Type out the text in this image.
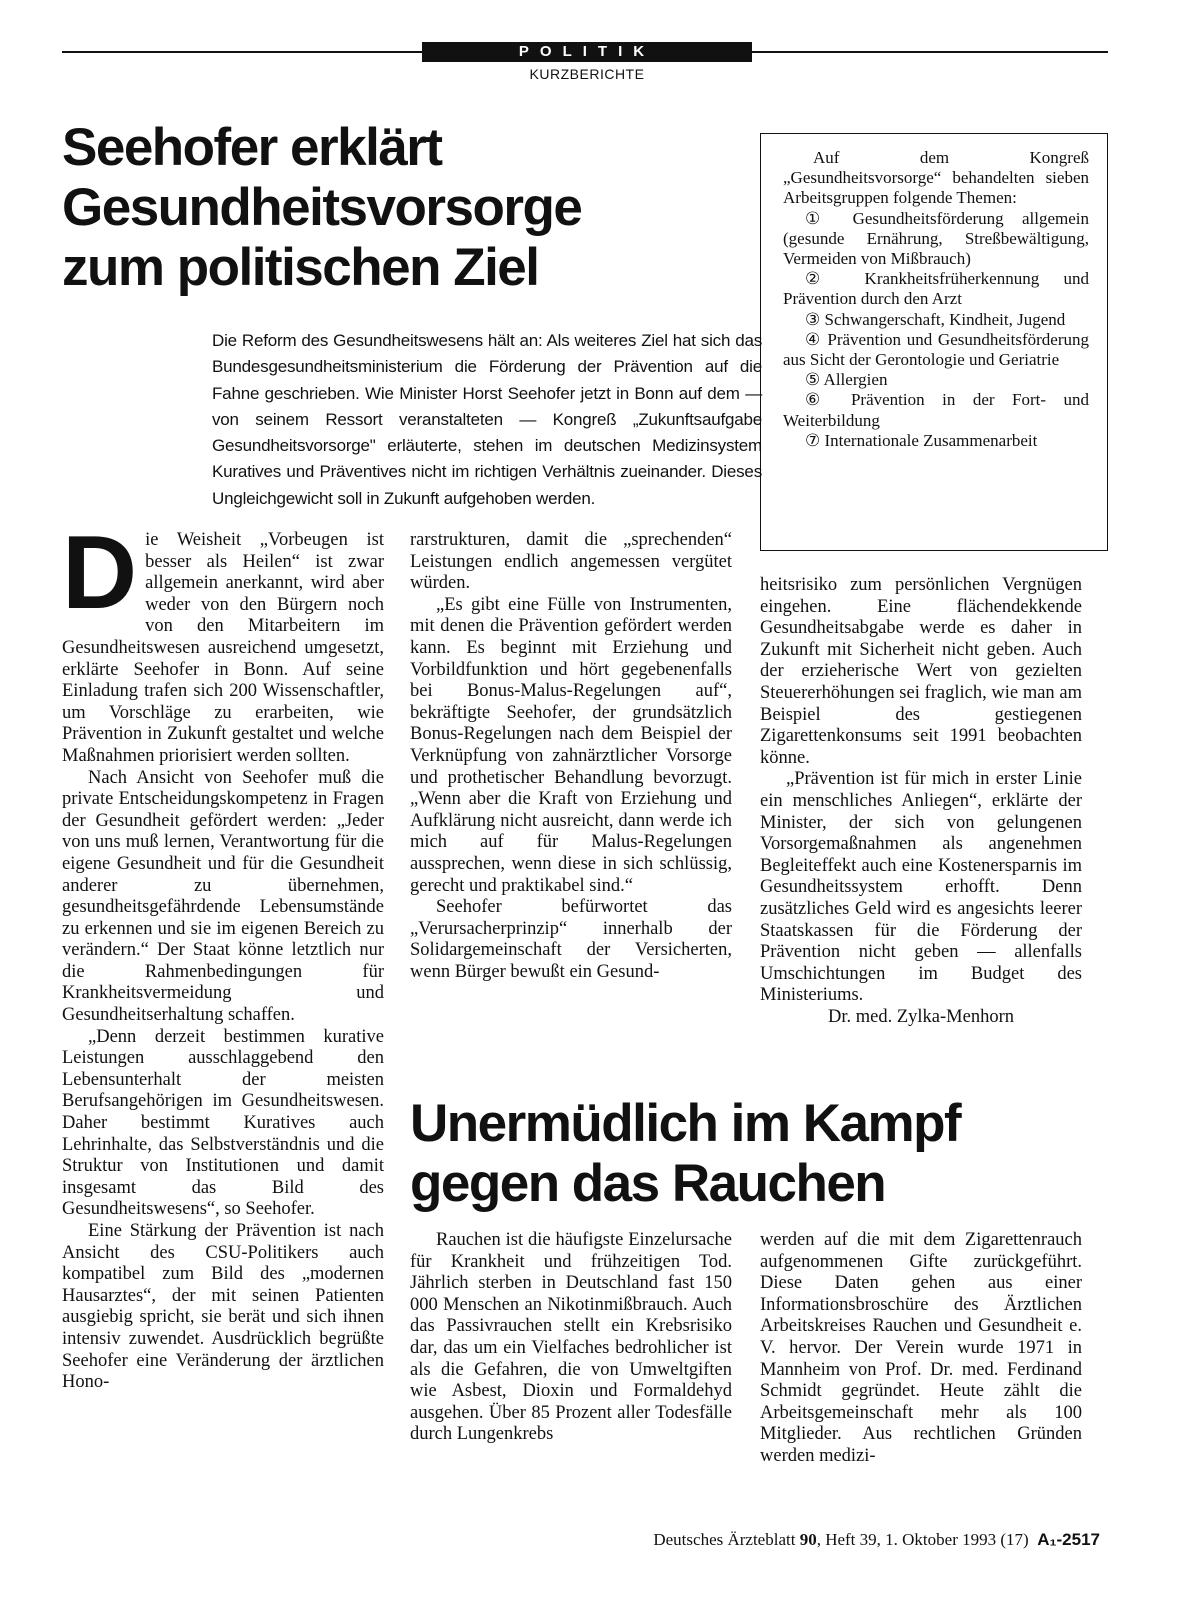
POLITIK
KURZBERICHTE
Seehofer erklärt
Gesundheitsvorsorge
zum politischen Ziel

Die Reform des Gesundheitswesens hält an: Als weiteres Ziel hat sich das Bundesgesundheitsministerium die Förderung der Prävention auf die Fahne geschrieben. Wie Minister Horst Seehofer jetzt in Bonn auf dem — von seinem Ressort veranstalteten — Kongreß „Zukunftsaufgabe Gesundheitsvorsorge" erläuterte, stehen im deutschen Medizinsystem Kuratives und Präventives nicht im richtigen Verhältnis zueinander. Dieses Ungleichgewicht soll in Zukunft aufgehoben werden.

Auf dem Kongreß „Gesundheitsvorsorge“ behandelten sieben Arbeitsgruppen folgende Themen:

① Gesundheitsförderung allgemein (gesunde Ernährung, Streßbewältigung, Vermeiden von Mißbrauch)

② Krankheitsfrüherkennung und Prävention durch den Arzt

③ Schwangerschaft, Kindheit, Jugend

④ Prävention und Gesundheitsförderung aus Sicht der Gerontologie und Geriatrie

⑤ Allergien

⑥ Prävention in der Fort- und Weiterbildung

⑦ Internationale Zusammenarbeit

Die Weisheit „Vorbeugen ist besser als Heilen“ ist zwar allgemein anerkannt, wird aber weder von den Bürgern noch von den Mitarbeitern im Gesundheitswesen ausreichend umgesetzt, erklärte Seehofer in Bonn. Auf seine Einladung trafen sich 200 Wissenschaftler, um Vorschläge zu erarbeiten, wie Prävention in Zukunft gestaltet und welche Maßnahmen priorisiert werden sollten.

Nach Ansicht von Seehofer muß die private Entscheidungskompetenz in Fragen der Gesundheit gefördert werden: „Jeder von uns muß lernen, Verantwortung für die eigene Gesundheit und für die Gesundheit anderer zu übernehmen, gesundheitsgefährdende Lebensumstände zu erkennen und sie im eigenen Bereich zu verändern.“ Der Staat könne letztlich nur die Rahmenbedingungen für Krankheitsvermeidung und Gesundheitserhaltung schaffen.

„Denn derzeit bestimmen kurative Leistungen ausschlaggebend den Lebensunterhalt der meisten Berufsangehörigen im Gesundheitswesen. Daher bestimmt Kuratives auch Lehrinhalte, das Selbstverständnis und die Struktur von Institutionen und damit insgesamt das Bild des Gesundheitswesens“, so Seehofer.

Eine Stärkung der Prävention ist nach Ansicht des CSU-Politikers auch kompatibel zum Bild des „modernen Hausarztes“, der mit seinen Patienten ausgiebig spricht, sie berät und sich ihnen intensiv zuwendet. Ausdrücklich begrüßte Seehofer eine Veränderung der ärztlichen Hono-

rarstrukturen, damit die „sprechenden“ Leistungen endlich angemessen vergütet würden.

„Es gibt eine Fülle von Instrumenten, mit denen die Prävention gefördert werden kann. Es beginnt mit Erziehung und Vorbildfunktion und hört gegebenenfalls bei Bonus-Malus-Regelungen auf“, bekräftigte Seehofer, der grundsätzlich Bonus-Regelungen nach dem Beispiel der Verknüpfung von zahnärztlicher Vorsorge und prothetischer Behandlung bevorzugt. „Wenn aber die Kraft von Erziehung und Aufklärung nicht ausreicht, dann werde ich mich auf für Malus-Regelungen aussprechen, wenn diese in sich schlüssig, gerecht und praktikabel sind.“

Seehofer befürwortet das „Verursacherprinzip“ innerhalb der Solidargemeinschaft der Versicherten, wenn Bürger bewußt ein Gesund-

heitsrisiko zum persönlichen Vergnügen eingehen. Eine flächendekkende Gesundheitsabgabe werde es daher in Zukunft mit Sicherheit nicht geben. Auch der erzieherische Wert von gezielten Steuererhöhungen sei fraglich, wie man am Beispiel des gestiegenen Zigarettenkonsums seit 1991 beobachten könne.

„Prävention ist für mich in erster Linie ein menschliches Anliegen“, erklärte der Minister, der sich von gelungenen Vorsorgemaßnahmen als angenehmen Begleiteffekt auch eine Kostenersparnis im Gesundheitssystem erhofft. Denn zusätzliches Geld wird es angesichts leerer Staatskassen für die Förderung der Prävention nicht geben — allenfalls Umschichtungen im Budget des Ministeriums.

Dr. med. Zylka-Menhorn

Unermüdlich im Kampf
gegen das Rauchen

Rauchen ist die häufigste Einzelursache für Krankheit und frühzeitigen Tod. Jährlich sterben in Deutschland fast 150 000 Menschen an Nikotinmißbrauch. Auch das Passivrauchen stellt ein Krebsrisiko dar, das um ein Vielfaches bedrohlicher ist als die Gefahren, die von Umweltgiften wie Asbest, Dioxin und Formaldehyd ausgehen. Über 85 Prozent aller Todesfälle durch Lungenkrebs

werden auf die mit dem Zigarettenrauch aufgenommenen Gifte zurückgeführt. Diese Daten gehen aus einer Informationsbroschüre des Ärztlichen Arbeitskreises Rauchen und Gesundheit e. V. hervor. Der Verein wurde 1971 in Mannheim von Prof. Dr. med. Ferdinand Schmidt gegründet. Heute zählt die Arbeitsgemeinschaft mehr als 100 Mitglieder. Aus rechtlichen Gründen werden medizi-

Deutsches Ärzteblatt 90, Heft 39, 1. Oktober 1993 (17) A₁-2517
